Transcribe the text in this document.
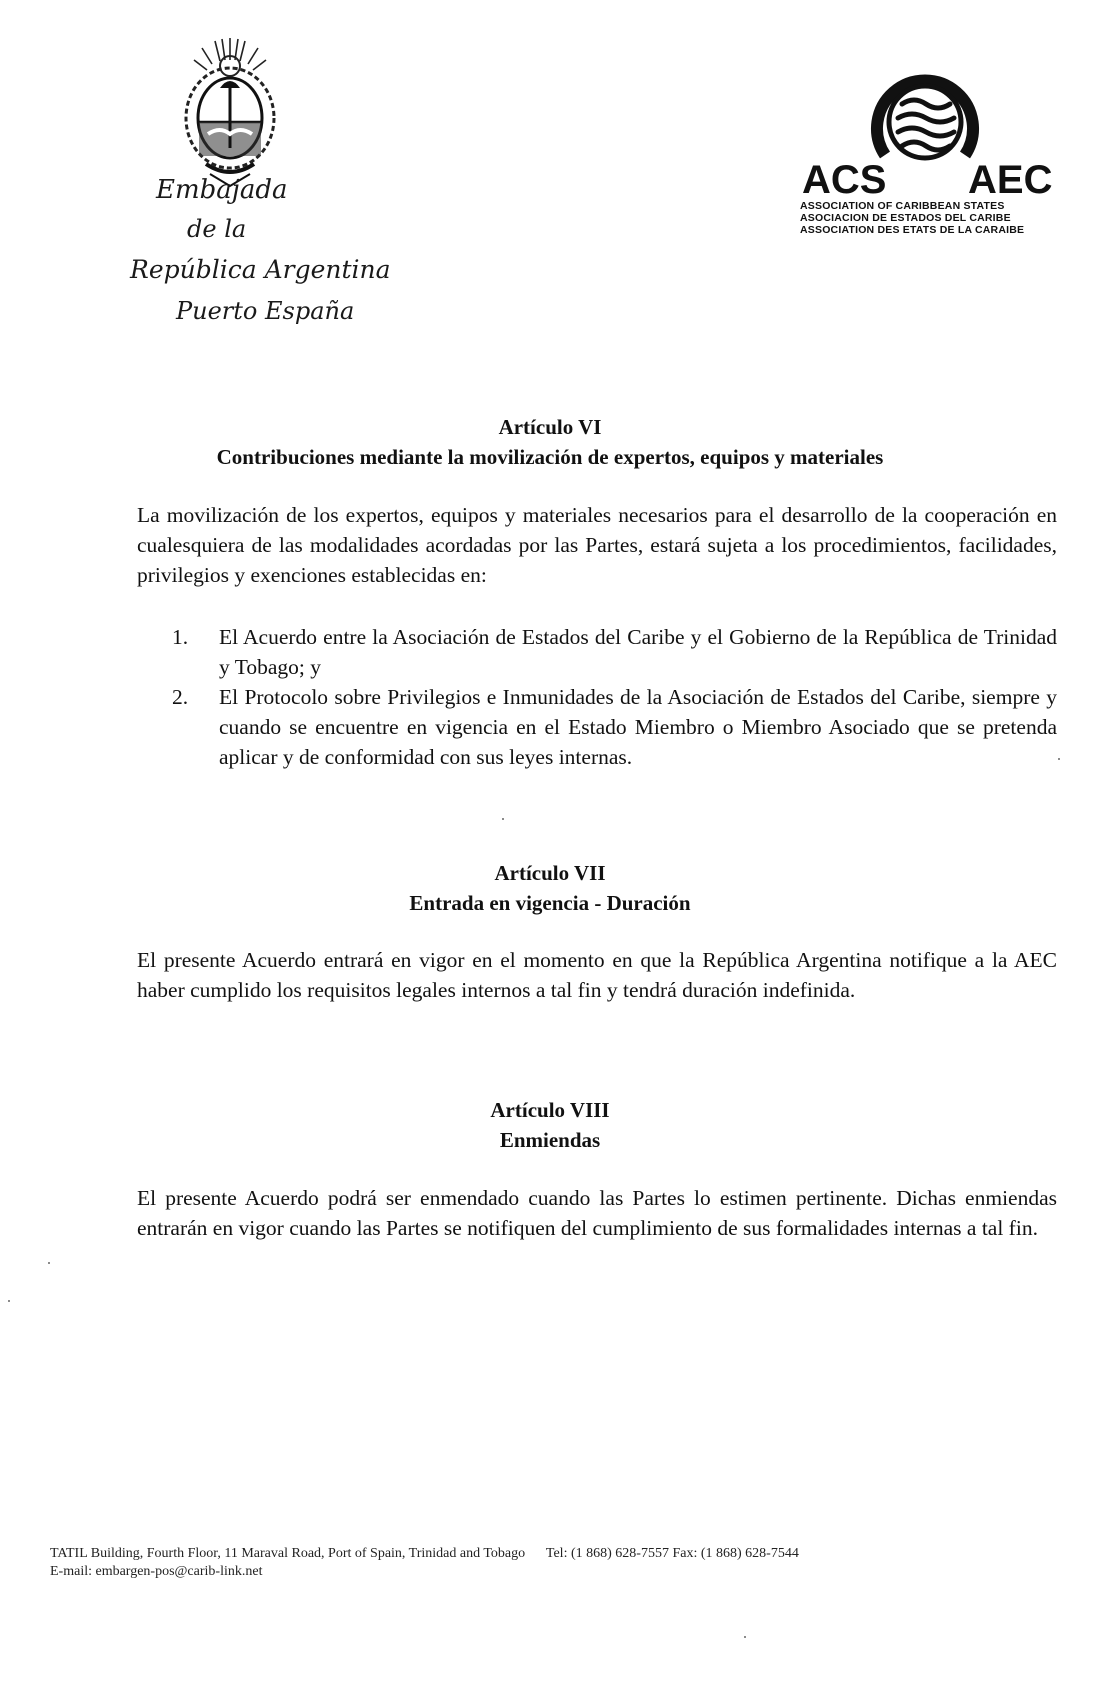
Embajada
de la
República Argentina
Puerto España
ACS AEC
ASSOCIATION OF CARIBBEAN STATES
ASOCIACION DE ESTADOS DEL CARIBE
ASSOCIATION DES ETATS DE LA CARAIBE
Artículo VI
Contribuciones mediante la movilización de expertos, equipos y materiales
La movilización de los expertos, equipos y materiales necesarios para el desarrollo de la cooperación en cualesquiera de las modalidades acordadas por las Partes, estará sujeta a los procedimientos, facilidades, privilegios y exenciones establecidas en:
1. El Acuerdo entre la Asociación de Estados del Caribe y el Gobierno de la República de Trinidad y Tobago; y
2. El Protocolo sobre Privilegios e Inmunidades de la Asociación de Estados del Caribe, siempre y cuando se encuentre en vigencia en el Estado Miembro o Miembro Asociado que se pretenda aplicar y de conformidad con sus leyes internas.
Artículo VII
Entrada en vigencia - Duración
El presente Acuerdo entrará en vigor en el momento en que la República Argentina notifique a la AEC haber cumplido los requisitos legales internos a tal fin y tendrá duración indefinida.
Artículo VIII
Enmiendas
El presente Acuerdo podrá ser enmendado cuando las Partes lo estimen pertinente. Dichas enmiendas entrarán en vigor cuando las Partes se notifiquen del cumplimiento de sus formalidades internas a tal fin.
TATIL Building, Fourth Floor, 11 Maraval Road, Port of Spain, Trinidad and Tobago Tel: (1 868) 628-7557 Fax: (1 868) 628-7544
E-mail: embargen-pos@carib-link.net
